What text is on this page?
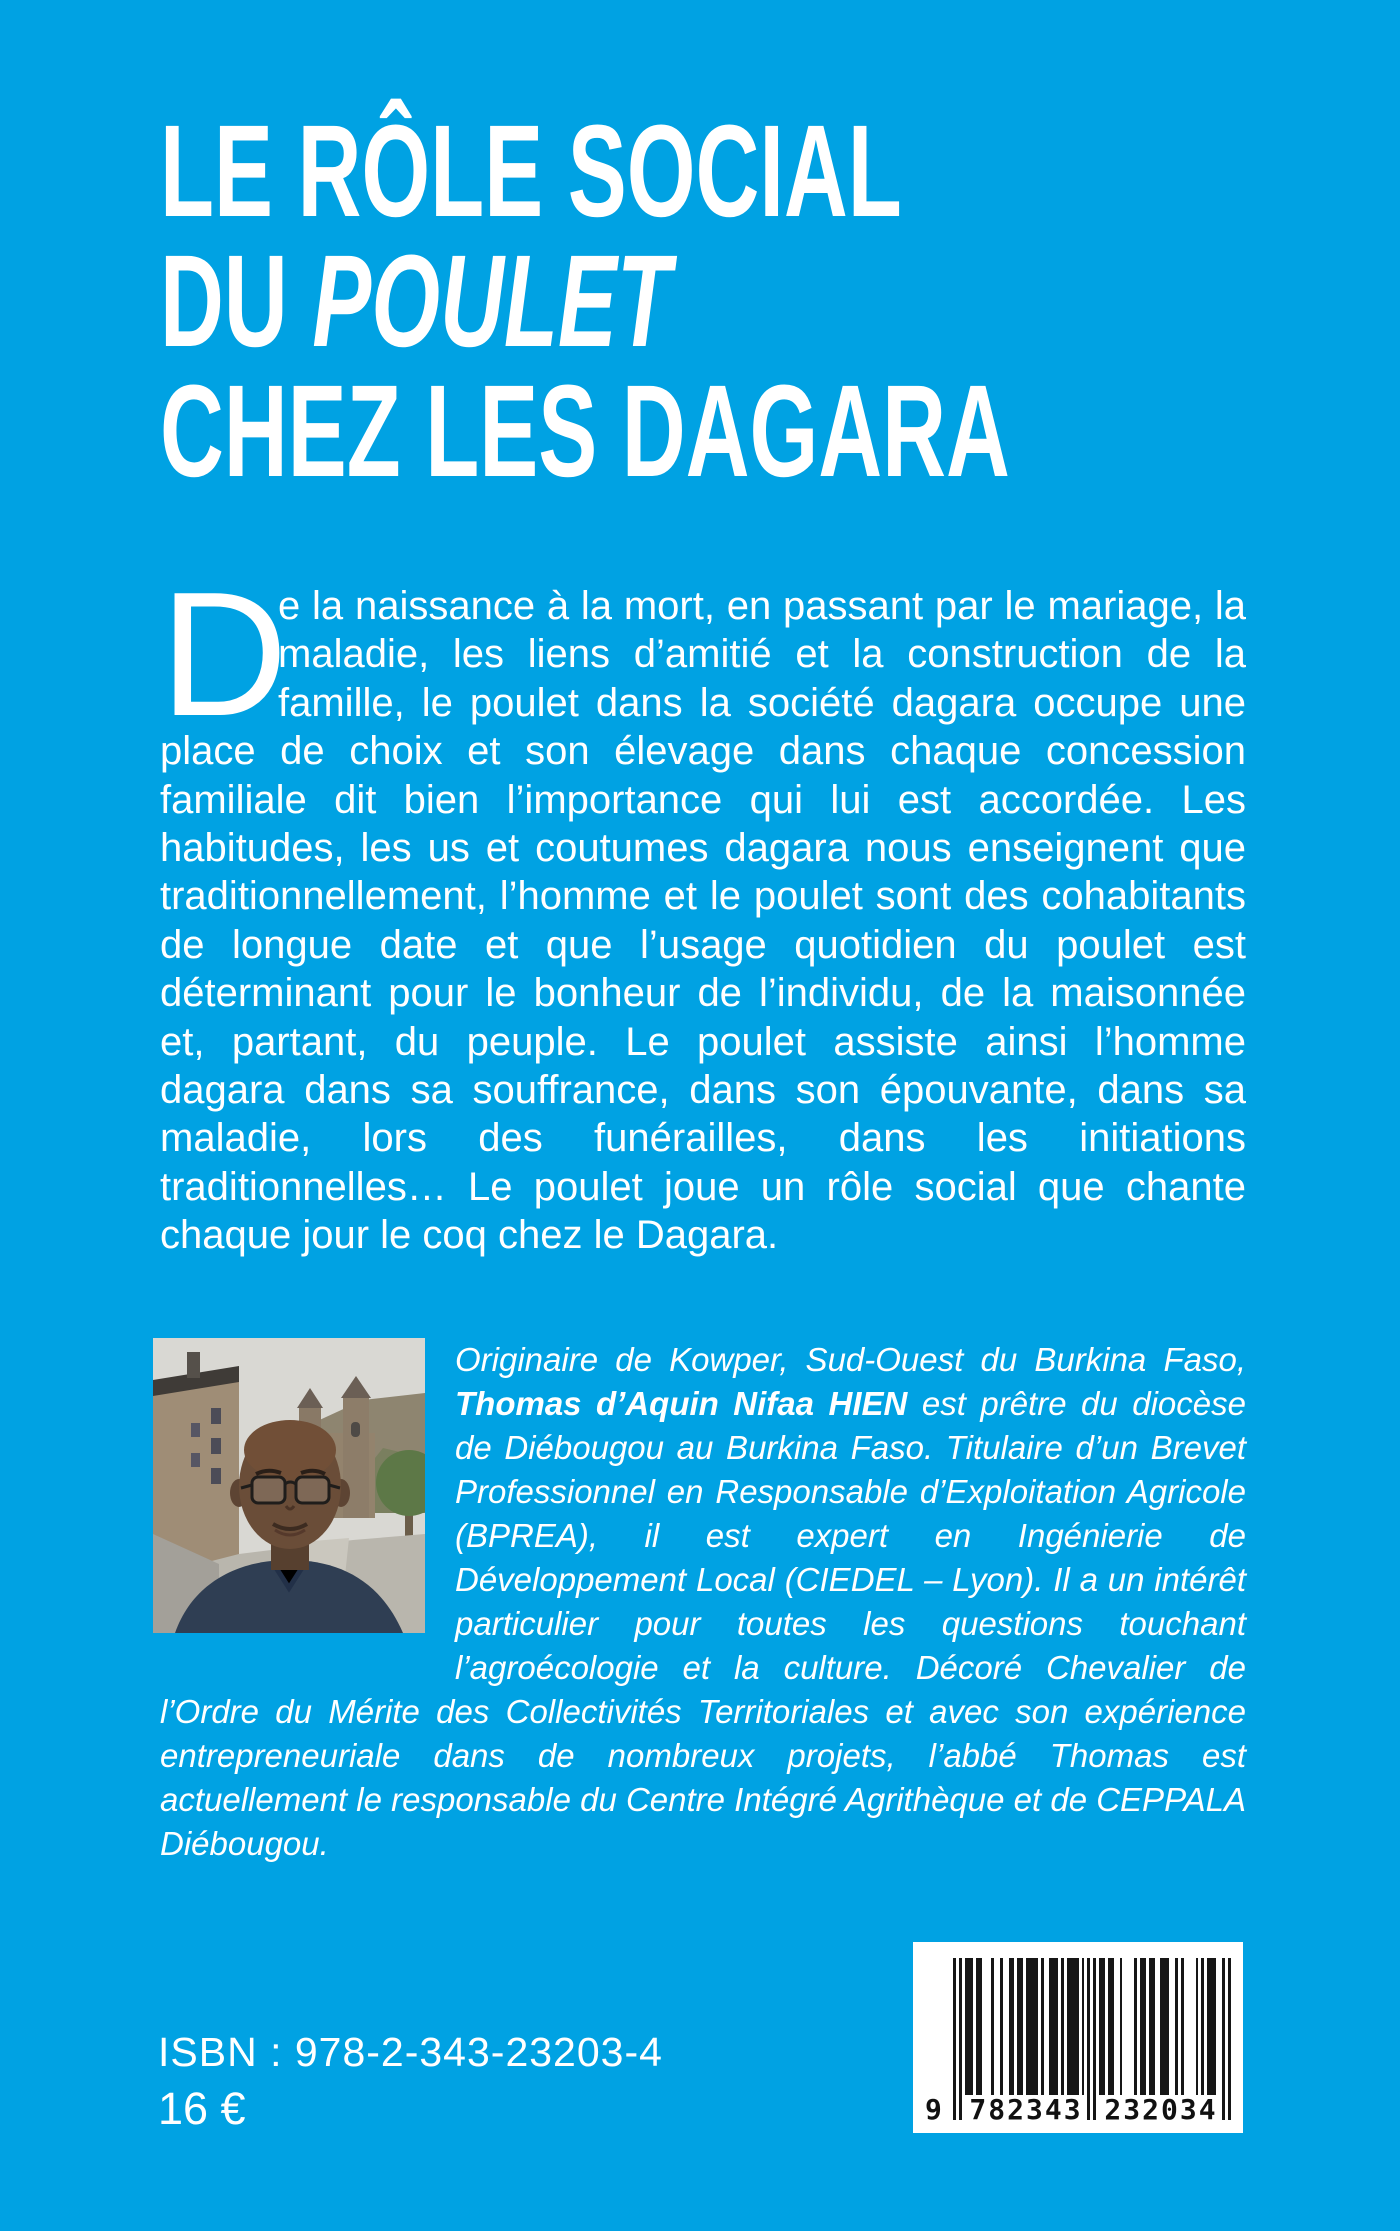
LE RÔLE SOCIAL
DU POULET
CHEZ LES DAGARA

D
e la naissance à la mort, en passant par le mariage, la maladie, les liens d’amitié et la construction de la famille, le poulet dans la société dagara occupe une place de choix et son élevage dans chaque concession familiale dit bien l’importance qui lui est accordée. Les habitudes, les us et coutumes dagara nous enseignent que traditionnellement, l’homme et le poulet sont des cohabitants de longue date et que l’usage quotidien du poulet est déterminant pour le bonheur de l’individu, de la maisonnée et, partant, du peuple. Le poulet assiste ainsi l’homme dagara dans sa souffrance, dans son épouvante, dans sa maladie, lors des funérailles, dans les initiations traditionnelles… Le poulet joue un rôle social que chante chaque jour le coq chez le Dagara.

Originaire de Kowper, Sud-Ouest du Burkina Faso, Thomas d’Aquin Nifaa HIEN est prêtre du diocèse de Diébougou au Burkina Faso. Titulaire d’un Brevet Professionnel en Responsable d’Exploitation Agricole (BPREA), il est expert en Ingénierie de Développement Local (CIEDEL – Lyon). Il a un intérêt particulier pour toutes les questions touchant l’agroécologie et la culture. Décoré Chevalier de l’Ordre du Mérite des Collectivités Territoriales et avec son expérience entrepreneuriale dans de nombreux projets, l’abbé Thomas est actuellement le responsable du Centre Intégré Agrithèque et de CEPPALA Diébougou.

ISBN : 978-2-343-23203-4
16 €	9 782343 232034
